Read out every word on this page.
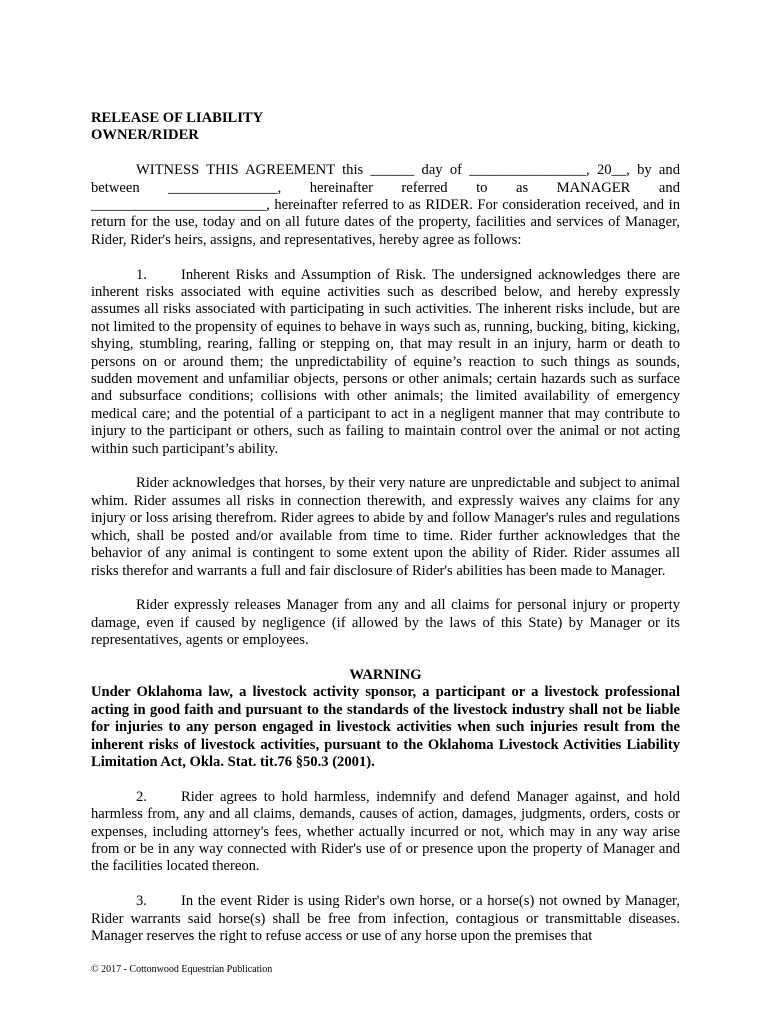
RELEASE OF LIABILITY
OWNER/RIDER

WITNESS THIS AGREEMENT this ______ day of ________________, 20__, by and between _______________, hereinafter referred to as MANAGER and ________________________, hereinafter referred to as RIDER. For consideration received, and in return for the use, today and on all future dates of the property, facilities and services of Manager, Rider, Rider's heirs, assigns, and representatives, hereby agree as follows:

1. Inherent Risks and Assumption of Risk. The undersigned acknowledges there are inherent risks associated with equine activities such as described below, and hereby expressly assumes all risks associated with participating in such activities. The inherent risks include, but are not limited to the propensity of equines to behave in ways such as, running, bucking, biting, kicking, shying, stumbling, rearing, falling or stepping on, that may result in an injury, harm or death to persons on or around them; the unpredictability of equine’s reaction to such things as sounds, sudden movement and unfamiliar objects, persons or other animals; certain hazards such as surface and subsurface conditions; collisions with other animals; the limited availability of emergency medical care; and the potential of a participant to act in a negligent manner that may contribute to injury to the participant or others, such as failing to maintain control over the animal or not acting within such participant’s ability.

Rider acknowledges that horses, by their very nature are unpredictable and subject to animal whim. Rider assumes all risks in connection therewith, and expressly waives any claims for any injury or loss arising therefrom. Rider agrees to abide by and follow Manager's rules and regulations which, shall be posted and/or available from time to time. Rider further acknowledges that the behavior of any animal is contingent to some extent upon the ability of Rider. Rider assumes all risks therefor and warrants a full and fair disclosure of Rider's abilities has been made to Manager.

Rider expressly releases Manager from any and all claims for personal injury or property damage, even if caused by negligence (if allowed by the laws of this State) by Manager or its representatives, agents or employees.

WARNING

Under Oklahoma law, a livestock activity sponsor, a participant or a livestock professional acting in good faith and pursuant to the standards of the livestock industry shall not be liable for injuries to any person engaged in livestock activities when such injuries result from the inherent risks of livestock activities, pursuant to the Oklahoma Livestock Activities Liability Limitation Act, Okla. Stat. tit.76 §50.3 (2001).

2. Rider agrees to hold harmless, indemnify and defend Manager against, and hold harmless from, any and all claims, demands, causes of action, damages, judgments, orders, costs or expenses, including attorney's fees, whether actually incurred or not, which may in any way arise from or be in any way connected with Rider's use of or presence upon the property of Manager and the facilities located thereon.

3. In the event Rider is using Rider's own horse, or a horse(s) not owned by Manager, Rider warrants said horse(s) shall be free from infection, contagious or transmittable diseases. Manager reserves the right to refuse access or use of any horse upon the premises that

© 2017 - Cottonwood Equestrian Publication
